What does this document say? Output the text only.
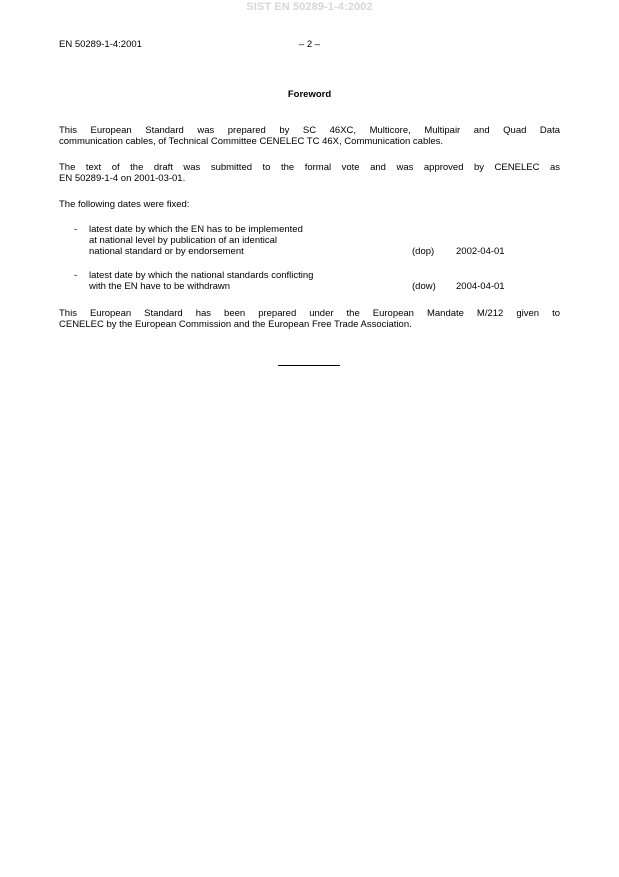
SIST EN 50289-1-4:2002
EN 50289-1-4:2001	– 2 –
Foreword
This European Standard was prepared by SC 46XC, Multicore, Multipair and Quad Data
communication cables, of Technical Committee CENELEC TC 46X, Communication cables.
The text of the draft was submitted to the formal vote and was approved by CENELEC as
EN 50289-1-4 on 2001-03-01.
The following dates were fixed:
- latest date by which the EN has to be implemented
at national level by publication of an identical
national standard or by endorsement	(dop)	2002-04-01
- latest date by which the national standards conflicting
with the EN have to be withdrawn	(dow)	2004-04-01
This European Standard has been prepared under the European Mandate M/212 given to
CENELEC by the European Commission and the European Free Trade Association.
